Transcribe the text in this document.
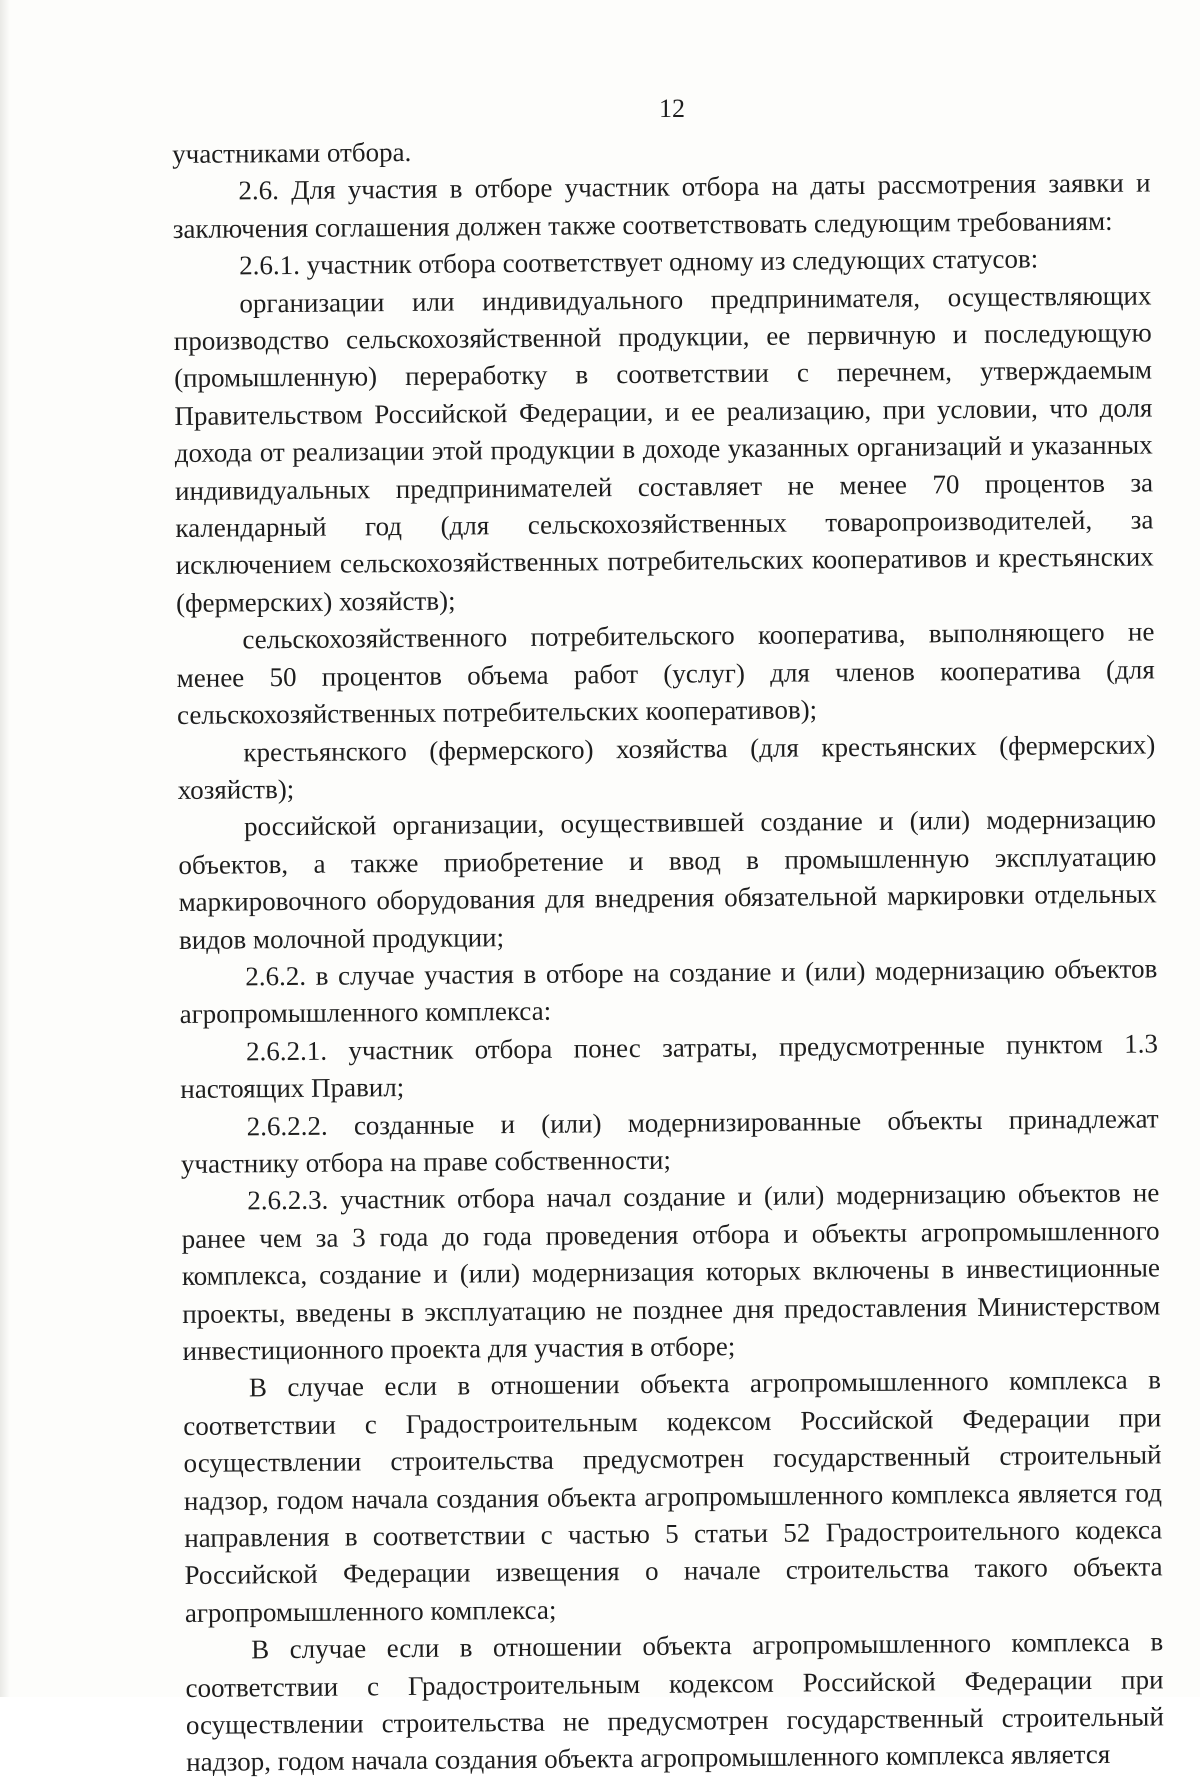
12

участниками отбора.

2.6. Для участия в отборе участник отбора на даты рассмотрения заявки и заключения соглашения должен также соответствовать следующим требованиям:

2.6.1. участник отбора соответствует одному из следующих статусов:

организации или индивидуального предпринимателя, осуществляющих производство сельскохозяйственной продукции, ее первичную и последующую (промышленную) переработку в соответствии с перечнем, утверждаемым Правительством Российской Федерации, и ее реализацию, при условии, что доля дохода от реализации этой продукции в доходе указанных организаций и указанных индивидуальных предпринимателей составляет не менее 70 процентов за календарный год (для сельскохозяйственных товаропроизводителей, за исключением сельскохозяйственных потребительских кооперативов и крестьянских (фермерских) хозяйств);

сельскохозяйственного потребительского кооператива, выполняющего не менее 50 процентов объема работ (услуг) для членов кооператива (для сельскохозяйственных потребительских кооперативов);

крестьянского (фермерского) хозяйства (для крестьянских (фермерских) хозяйств);

российской организации, осуществившей создание и (или) модернизацию объектов, а также приобретение и ввод в промышленную эксплуатацию маркировочного оборудования для внедрения обязательной маркировки отдельных видов молочной продукции;

2.6.2. в случае участия в отборе на создание и (или) модернизацию объектов агропромышленного комплекса:

2.6.2.1. участник отбора понес затраты, предусмотренные пунктом 1.3 настоящих Правил;

2.6.2.2. созданные и (или) модернизированные объекты принадлежат участнику отбора на праве собственности;

2.6.2.3. участник отбора начал создание и (или) модернизацию объектов не ранее чем за 3 года до года проведения отбора и объекты агропромышленного комплекса, создание и (или) модернизация которых включены в инвестиционные проекты, введены в эксплуатацию не позднее дня предоставления Министерством инвестиционного проекта для участия в отборе;

В случае если в отношении объекта агропромышленного комплекса в соответствии с Градостроительным кодексом Российской Федерации при осуществлении строительства предусмотрен государственный строительный надзор, годом начала создания объекта агропромышленного комплекса является год направления в соответствии с частью 5 статьи 52 Градостроительного кодекса Российской Федерации извещения о начале строительства такого объекта агропромышленного комплекса;

В случае если в отношении объекта агропромышленного комплекса в соответствии с Градостроительным кодексом Российской Федерации при осуществлении строительства не предусмотрен государственный строительный надзор, годом начала создания объекта агропромышленного комплекса является
